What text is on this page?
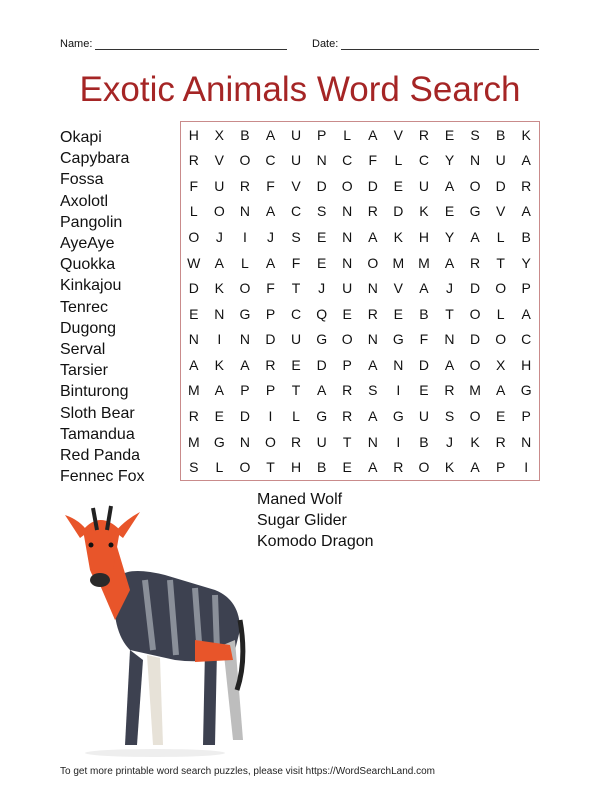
Name:	Date:
Exotic Animals Word Search
Okapi
Capybara
Fossa
Axolotl
Pangolin
AyeAye
Quokka
Kinkajou
Tenrec
Dugong
Serval
Tarsier
Binturong
Sloth Bear
Tamandua
Red Panda
Fennec Fox
Maned Wolf
Sugar Glider
Komodo Dragon
H	X	B	A	U	P	L	A	V	R	E	S	B	K
R	V	O	C	U	N	C	F	L	C	Y	N	U	A
F	U	R	F	V	D	O	D	E	U	A	O	D	R
L	O	N	A	C	S	N	R	D	K	E	G	V	A
O	J	I	J	S	E	N	A	K	H	Y	A	L	B
W	A	L	A	F	E	N	O	M M	A	R	T	Y
D	K	O	F	T	J	U	N	V	A	J	D	O	P
E	N	G	P	C	Q	E	R	E	B	T	O	L	A
N	I	N	D	U	G	O	N	G	F	N	D	O	C
A	K	A	R	E	D	P	A	N	D	A	O	X	H
M	A	P	P	T	A	R	S	I	E	R	M	A	G
R	E	D	I	L	G	R	A	G	U	S	O	E	P
M	G	N	O	R	U	T	N	I	B	J	K	R	N
S	L	O	T	H	B	E	A	R	O	K	A	P	I
To get more printable word search puzzles, please visit https://WordSearchLand.com
